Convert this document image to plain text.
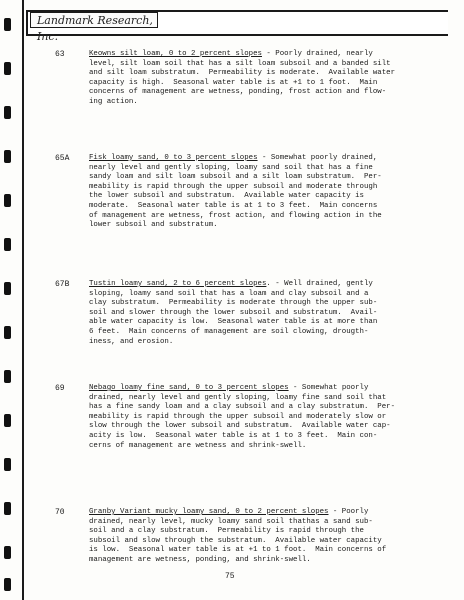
Landmark Research, Inc.
63	Keowns silt loam, 0 to 2 percent slopes - Poorly drained, nearly
level, silt loam soil that has a silt loam subsoil and a banded silt
and silt loam substratum.  Permeability is moderate.  Available water
capacity is high.  Seasonal water table is at +1 to 1 foot.  Main
concerns of management are wetness, ponding, frost action and flow-
ing action.
65A	Fisk loamy sand, 0 to 3 percent slopes - Somewhat poorly drained,
nearly level and gently sloping, loamy sand soil that has a fine
sandy loam and silt loam subsoil and a silt loam substratum.  Per-
meability is rapid through the upper subsoil and moderate through
the lower subsoil and substratum.  Available water capacity is
moderate.  Seasonal water table is at 1 to 3 feet.  Main concerns
of management are wetness, frost action, and flowing action in the
lower subsoil and substratum.
67B	Tustin loamy sand, 2 to 6 percent slopes. - Well drained, gently
sloping, loamy sand soil that has a loam and clay subsoil and a
clay substratum.  Permeability is moderate through the upper sub-
soil and slower through the lower subsoil and substratum.  Avail-
able water capacity is low.  Seasonal water table is at more than
6 feet.  Main concerns of management are soil clowing, drougth-
iness, and erosion.
69	Nebago loamy fine sand, 0 to 3 percent slopes - Somewhat poorly
drained, nearly level and gently sloping, loamy fine sand soil that
has a fine sandy loam and a clay subsoil and a clay substratum.  Per-
meability is rapid through the upper subsoil and moderately slow or
slow through the lower subsoil and substratum.  Available water cap-
acity is low.  Seasonal water table is at 1 to 3 feet.  Main con-
cerns of management are wetness and shrink-swell.
70	Granby Variant mucky loamy sand, 0 to 2 percent slopes - Poorly
drained, nearly level, mucky loamy sand soil thathas a sand sub-
soil and a clay substratum.  Permeability is rapid through the
subsoil and slow through the substratum.  Available water capacity
is low.  Seasonal water table is at +1 to 1 foot.  Main concerns of
management are wetness, ponding, and shrink-swell.
75
